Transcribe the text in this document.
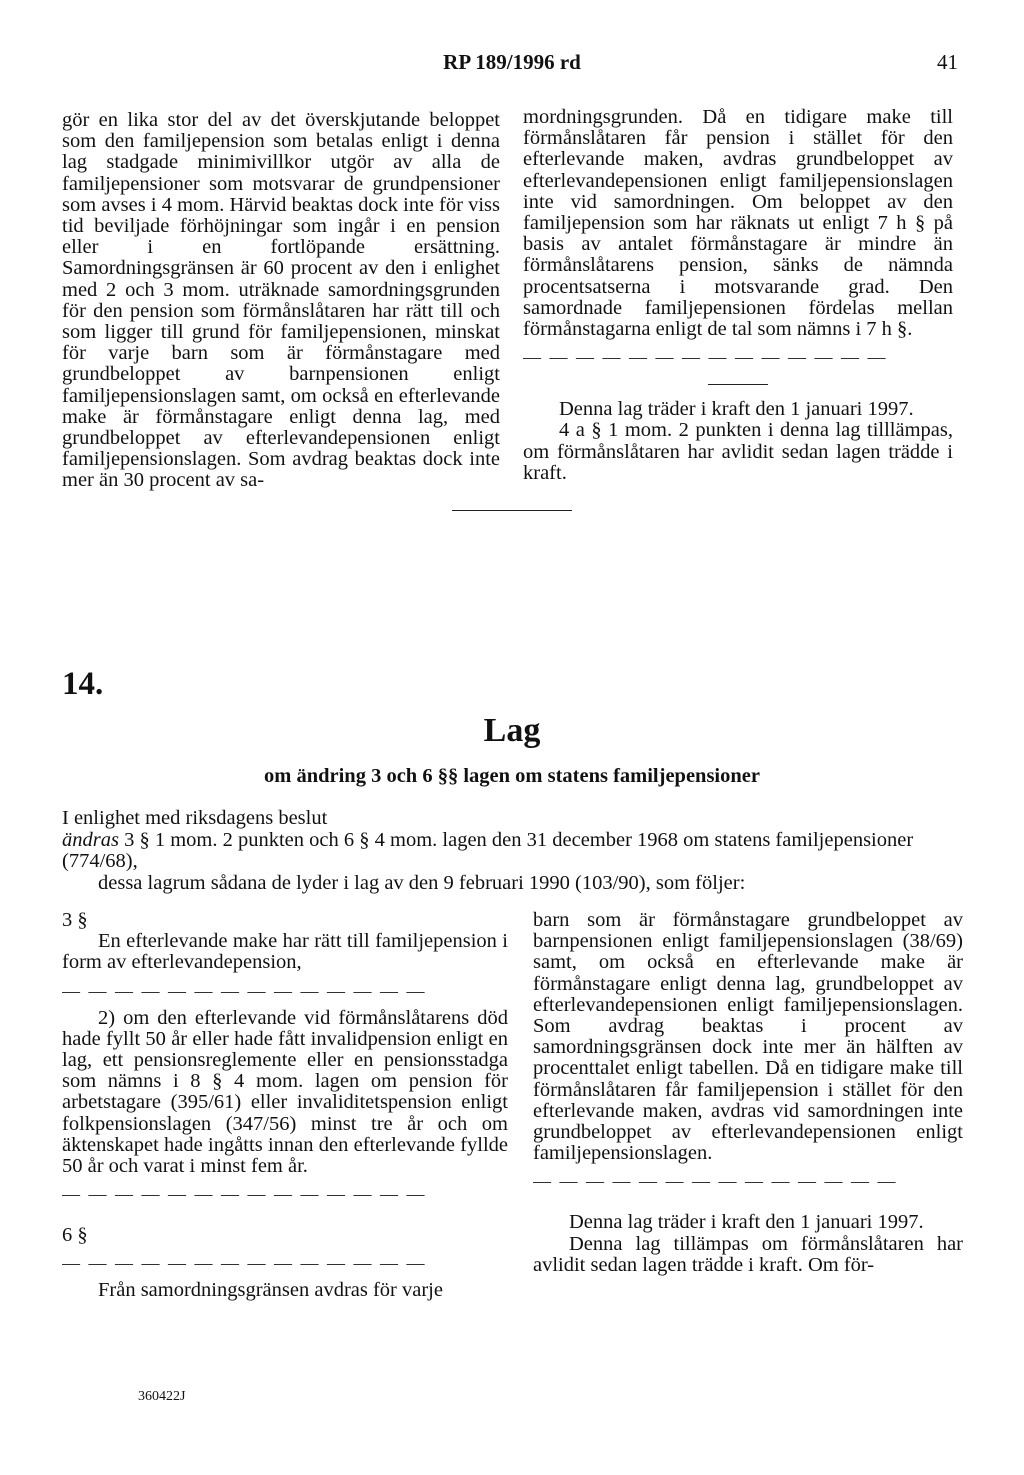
RP 189/1996 rd	41

gör en lika stor del av det överskjutande beloppet som den familjepension som betalas enligt i denna lag stadgade minimivillkor utgör av alla de familjepensioner som motsvarar de grundpensioner som avses i 4 mom. Härvid beaktas dock inte för viss tid beviljade förhöjningar som ingår i en pension eller i en fortlöpande ersättning. Samordningsgränsen är 60 procent av den i enlighet med 2 och 3 mom. uträknade samordningsgrunden för den pension som förmånslåtaren har rätt till och som ligger till grund för familjepensionen, minskat för varje barn som är förmånstagare med grundbeloppet av barnpensionen enligt familjepensionslagen samt, om också en efterlevande make är förmånstagare enligt denna lag, med grundbeloppet av efterlevandepensionen enligt familjepensionslagen. Som avdrag beaktas dock inte mer än 30 procent av sa-

mordningsgrunden. Då en tidigare make till förmånslåtaren får pension i stället för den efterlevande maken, avdras grundbeloppet av efterlevandepensionen enligt familjepensionslagen inte vid samordningen. Om beloppet av den familjepension som har räknats ut enligt 7 h § på basis av antalet förmånstagare är mindre än förmånslåtarens pension, sänks de nämnda procentsatserna i motsvarande grad. Den samordnade familjepensionen fördelas mellan förmånstagarna enligt de tal som nämns i 7 h §.

— — — — — — — — — — — — — —

Denna lag träder i kraft den 1 januari 1997.

4 a § 1 mom. 2 punkten i denna lag tilllämpas, om förmånslåtaren har avlidit sedan lagen trädde i kraft.

14.
Lag
om ändring 3 och 6 §§ lagen om statens familjepensioner

I enlighet med riksdagens beslut

ändras 3 § 1 mom. 2 punkten och 6 § 4 mom. lagen den 31 december 1968 om statens familjepensioner (774/68),

dessa lagrum sådana de lyder i lag av den 9 februari 1990 (103/90), som följer:

3 §

En efterlevande make har rätt till familjepension i form av efterlevandepension,

— — — — — — — — — — — — — —

2) om den efterlevande vid förmånslåtarens död hade fyllt 50 år eller hade fått invalidpension enligt en lag, ett pensionsreglemente eller en pensionsstadga som nämns i 8 § 4 mom. lagen om pension för arbetstagare (395/61) eller invaliditetspension enligt folkpensionslagen (347/56) minst tre år och om äktenskapet hade ingåtts innan den efterlevande fyllde 50 år och varat i minst fem år.

— — — — — — — — — — — — — —

6 §

— — — — — — — — — — — — — —

Från samordningsgränsen avdras för varje

barn som är förmånstagare grundbeloppet av barnpensionen enligt familjepensionslagen (38/69) samt, om också en efterlevande make är förmånstagare enligt denna lag, grundbeloppet av efterlevandepensionen enligt familjepensionslagen. Som avdrag beaktas i procent av samordningsgränsen dock inte mer än hälften av procenttalet enligt tabellen. Då en tidigare make till förmånslåtaren får familjepension i stället för den efterlevande maken, avdras vid samordningen inte grundbeloppet av efterlevandepensionen enligt familjepensionslagen.

— — — — — — — — — — — — — —

Denna lag träder i kraft den 1 januari 1997.

Denna lag tillämpas om förmånslåtaren har avlidit sedan lagen trädde i kraft. Om för-

360422J
